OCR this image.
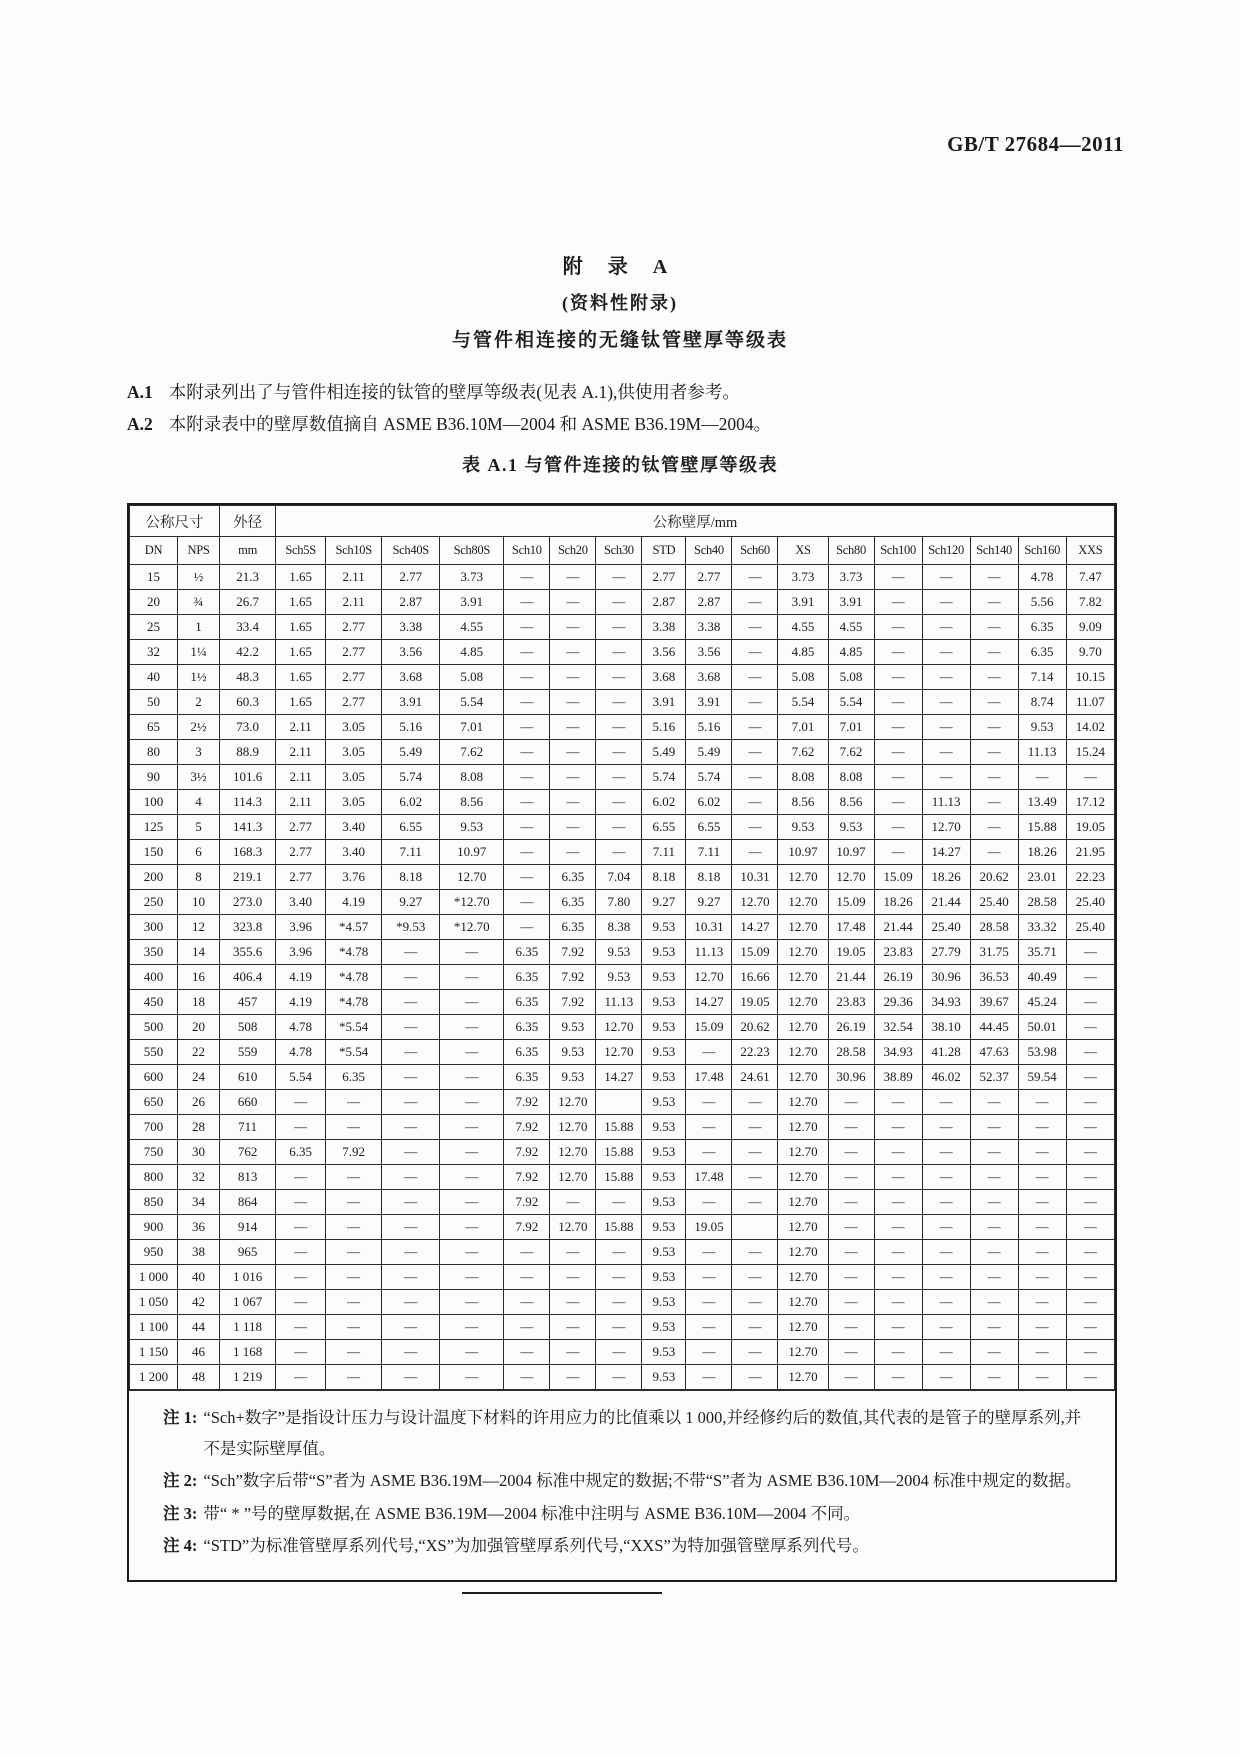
GB/T 27684—2011
附 录 A
(资料性附录)
与管件相连接的无缝钛管壁厚等级表
A.1 本附录列出了与管件相连接的钛管的壁厚等级表(见表 A.1),供使用者参考。
A.2 本附录表中的壁厚数值摘自 ASME B36.10M—2004 和 ASME B36.19M—2004。
表 A.1 与管件连接的钛管壁厚等级表
公称尺寸		外径	公称壁厚/mm																
DN	NPS	mm	Sch5S	Sch10S	Sch40S	Sch80S	Sch10	Sch20	Sch30	STD	Sch40	Sch60	XS	Sch80	Sch100	Sch120	Sch140	Sch160	XXS
15	½	21.3	1.65	2.11	2.77	3.73	—	—	—	2.77	2.77	—	3.73	3.73	—	—	—	4.78	7.47
20	¾	26.7	1.65	2.11	2.87	3.91	—	—	—	2.87	2.87	—	3.91	3.91	—	—	—	5.56	7.82
25	1	33.4	1.65	2.77	3.38	4.55	—	—	—	3.38	3.38	—	4.55	4.55	—	—	—	6.35	9.09
32	1¼	42.2	1.65	2.77	3.56	4.85	—	—	—	3.56	3.56	—	4.85	4.85	—	—	—	6.35	9.70
40	1½	48.3	1.65	2.77	3.68	5.08	—	—	—	3.68	3.68	—	5.08	5.08	—	—	—	7.14	10.15
50	2	60.3	1.65	2.77	3.91	5.54	—	—	—	3.91	3.91	—	5.54	5.54	—	—	—	8.74	11.07
65	2½	73.0	2.11	3.05	5.16	7.01	—	—	—	5.16	5.16	—	7.01	7.01	—	—	—	9.53	14.02
80	3	88.9	2.11	3.05	5.49	7.62	—	—	—	5.49	5.49	—	7.62	7.62	—	—	—	11.13	15.24
90	3½	101.6	2.11	3.05	5.74	8.08	—	—	—	5.74	5.74	—	8.08	8.08	—	—	—	—	—
100	4	114.3	2.11	3.05	6.02	8.56	—	—	—	6.02	6.02	—	8.56	8.56	—	11.13	—	13.49	17.12
125	5	141.3	2.77	3.40	6.55	9.53	—	—	—	6.55	6.55	—	9.53	9.53	—	12.70	—	15.88	19.05
150	6	168.3	2.77	3.40	7.11	10.97	—	—	—	7.11	7.11	—	10.97	10.97	—	14.27	—	18.26	21.95
200	8	219.1	2.77	3.76	8.18	12.70	—	6.35	7.04	8.18	8.18	10.31	12.70	12.70	15.09	18.26	20.62	23.01	22.23
250	10	273.0	3.40	4.19	9.27	*12.70	—	6.35	7.80	9.27	9.27	12.70	12.70	15.09	18.26	21.44	25.40	28.58	25.40
300	12	323.8	3.96	*4.57	*9.53	*12.70	—	6.35	8.38	9.53	10.31	14.27	12.70	17.48	21.44	25.40	28.58	33.32	25.40
350	14	355.6	3.96	*4.78	—	—	6.35	7.92	9.53	9.53	11.13	15.09	12.70	19.05	23.83	27.79	31.75	35.71	—
400	16	406.4	4.19	*4.78	—	—	6.35	7.92	9.53	9.53	12.70	16.66	12.70	21.44	26.19	30.96	36.53	40.49	—
450	18	457	4.19	*4.78	—	—	6.35	7.92	11.13	9.53	14.27	19.05	12.70	23.83	29.36	34.93	39.67	45.24	—
500	20	508	4.78	*5.54	—	—	6.35	9.53	12.70	9.53	15.09	20.62	12.70	26.19	32.54	38.10	44.45	50.01	—
550	22	559	4.78	*5.54	—	—	6.35	9.53	12.70	9.53	—	22.23	12.70	28.58	34.93	41.28	47.63	53.98	—
600	24	610	5.54	6.35	—	—	6.35	9.53	14.27	9.53	17.48	24.61	12.70	30.96	38.89	46.02	52.37	59.54	—
650	26	660	—	—	—	—	7.92	12.70		9.53	—	—	12.70	—	—	—	—	—	—
700	28	711	—	—	—	—	7.92	12.70	15.88	9.53	—	—	12.70	—	—	—	—	—	—
750	30	762	6.35	7.92	—	—	7.92	12.70	15.88	9.53	—	—	12.70	—	—	—	—	—	—
800	32	813	—	—	—	—	7.92	12.70	15.88	9.53	17.48	—	12.70	—	—	—	—	—	—
850	34	864	—	—	—	—	7.92	—	—	9.53	—	—	12.70	—	—	—	—	—	—
900	36	914	—	—	—	—	7.92	12.70	15.88	9.53	19.05		12.70	—	—	—	—	—	—
950	38	965	—	—	—	—	—	—	—	9.53	—	—	12.70	—	—	—	—	—	—
1 000	40	1 016	—	—	—	—	—	—	—	9.53	—	—	12.70	—	—	—	—	—	—
1 050	42	1 067	—	—	—	—	—	—	—	9.53	—	—	12.70	—	—	—	—	—	—
1 100	44	1 118	—	—	—	—	—	—	—	9.53	—	—	12.70	—	—	—	—	—	—
1 150	46	1 168	—	—	—	—	—	—	—	9.53	—	—	12.70	—	—	—	—	—	—
1 200	48	1 219	—	—	—	—	—	—	—	9.53	—	—	12.70	—	—	—	—	—	—
注 1: “Sch+数字”是指设计压力与设计温度下材料的许用应力的比值乘以 1 000,并经修约后的数值,其代表的是管子的壁厚系列,并不是实际壁厚值。
注 2: “Sch”数字后带“S”者为 ASME B36.19M—2004 标准中规定的数据;不带“S”者为 ASME B36.10M—2004 标准中规定的数据。
注 3: 带“ * ”号的壁厚数据,在 ASME B36.19M—2004 标准中注明与 ASME B36.10M—2004 不同。
注 4: “STD”为标准管壁厚系列代号,“XS”为加强管壁厚系列代号,“XXS”为特加强管壁厚系列代号。
